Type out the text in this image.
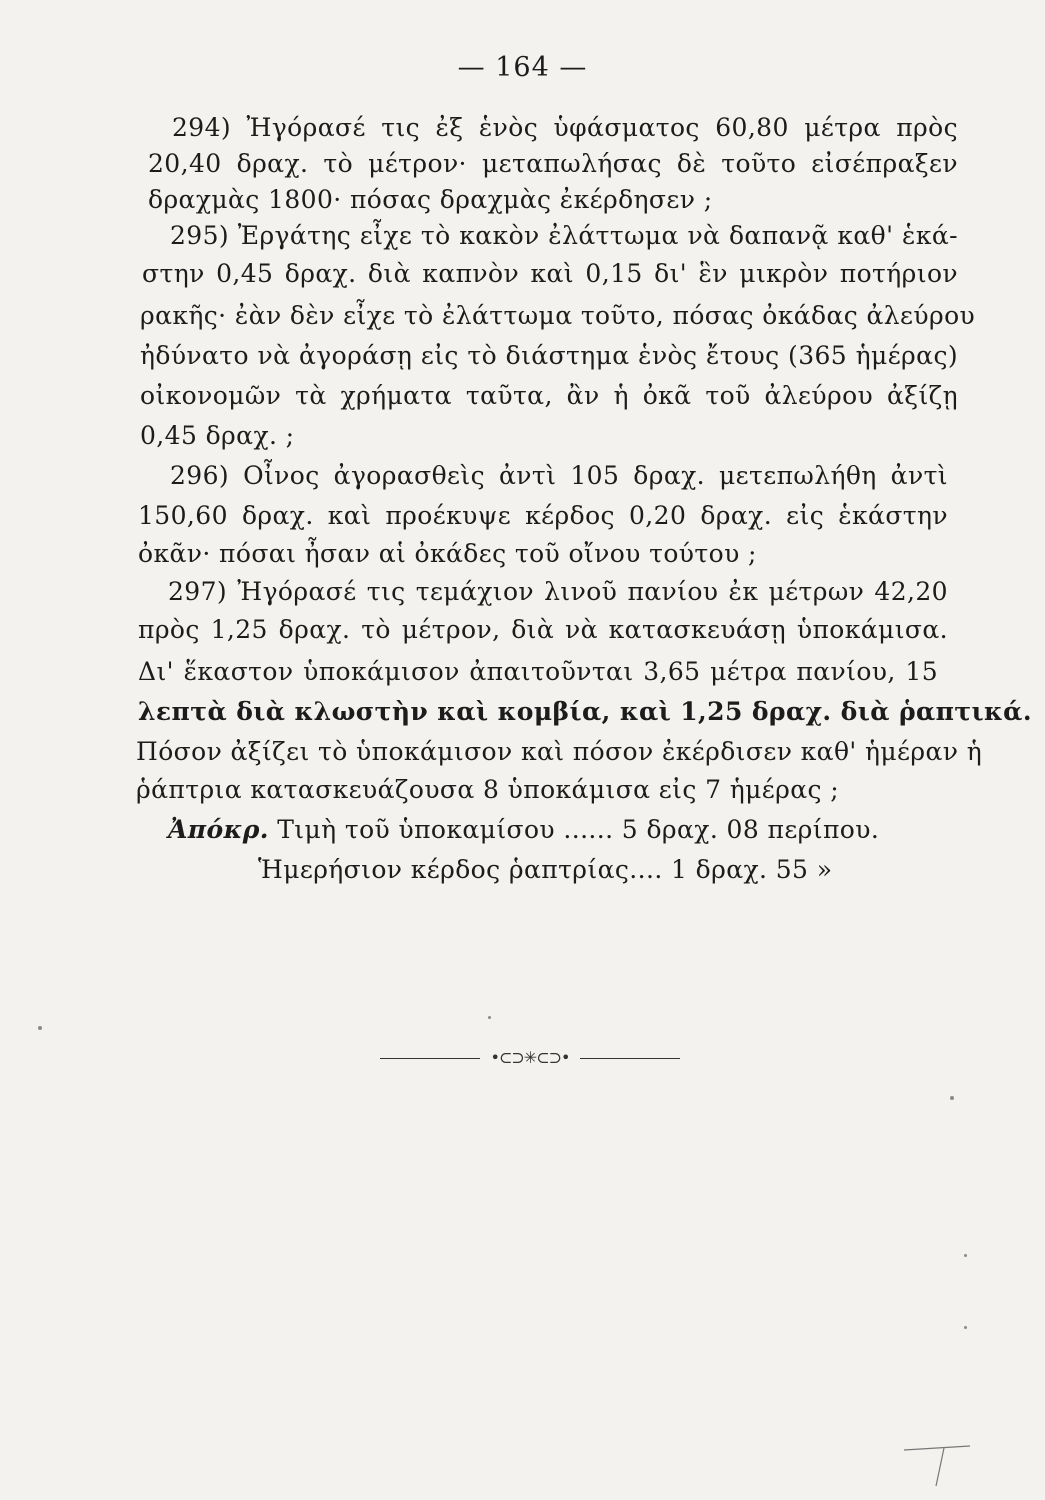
— 164 —
294) Ἠγόρασέ τις ἐξ ἑνὸς ὑφάσματος 60,80 μέτρα πρὸς
20,40 δραχ. τὸ μέτρον· μεταπωλήσας δὲ τοῦτο εἰσέπραξεν
δραχμὰς 1800· πόσας δραχμὰς ἐκέρδησεν ;
295) Ἐργάτης εἶχε τὸ κακὸν ἐλάττωμα νὰ δαπανᾷ καθ' ἑκά-
στην 0,45 δραχ. διὰ καπνὸν καὶ 0,15 δι' ἓν μικρὸν ποτήριον
ρακῆς· ἐὰν δὲν εἶχε τὸ ἐλάττωμα τοῦτο, πόσας ὀκάδας ἀλεύρου
ἠδύνατο νὰ ἀγοράσῃ εἰς τὸ διάστημα ἑνὸς ἔτους (365 ἡμέρας)
οἰκονομῶν τὰ χρήματα ταῦτα, ἂν ἡ ὀκᾶ τοῦ ἀλεύρου ἀξίζῃ
0,45 δραχ. ;
296) Οἶνος ἀγορασθεὶς ἀντὶ 105 δραχ. μετεπωλήθη ἀντὶ
150,60 δραχ. καὶ προέκυψε κέρδος 0,20 δραχ. εἰς ἑκάστην
ὀκᾶν· πόσαι ἦσαν αἱ ὀκάδες τοῦ οἴνου τούτου ;
297) Ἠγόρασέ τις τεμάχιον λινοῦ πανίου ἐκ μέτρων 42,20
πρὸς 1,25 δραχ. τὸ μέτρον, διὰ νὰ κατασκευάσῃ ὑποκάμισα.
Δι' ἕκαστον ὑποκάμισον ἀπαιτοῦνται 3,65 μέτρα πανίου, 15
λεπτὰ διὰ κλωστὴν καὶ κομβία, καὶ 1,25 δραχ. διὰ ῥαπτικά.
Πόσον ἀξίζει τὸ ὑποκάμισον καὶ πόσον ἐκέρδισεν καθ' ἡμέραν ἡ
ῥάπτρια κατασκευάζουσα 8 ὑποκάμισα εἰς 7 ἡμέρας ;
Ἀπόκρ. Τιμὴ τοῦ ὑποκαμίσου ...... 5 δραχ. 08 περίπου.
Ἡμερήσιον κέρδος ῥαπτρίας.... 1 δραχ. 55 »
•⊂⊃✳⊂⊃•
